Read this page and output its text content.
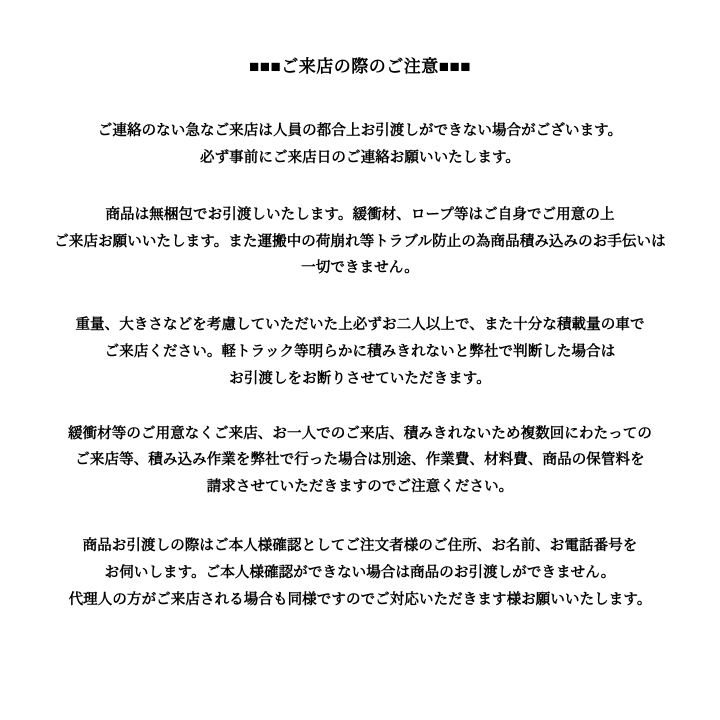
■■■ご来店の際のご注意■■■
ご連絡のない急なご来店は人員の都合上お引渡しができない場合がございます。
必ず事前にご来店日のご連絡お願いいたします。
商品は無梱包でお引渡しいたします。緩衝材、ロープ等はご自身でご用意の上
ご来店お願いいたします。また運搬中の荷崩れ等トラブル防止の為商品積み込みのお手伝いは
一切できません。
重量、大きさなどを考慮していただいた上必ずお二人以上で、また十分な積載量の車で
ご来店ください。軽トラック等明らかに積みきれないと弊社で判断した場合は
お引渡しをお断りさせていただきます。
緩衝材等のご用意なくご来店、お一人でのご来店、積みきれないため複数回にわたっての
ご来店等、積み込み作業を弊社で行った場合は別途、作業費、材料費、商品の保管料を
請求させていただきますのでご注意ください。
商品お引渡しの際はご本人様確認としてご注文者様のご住所、お名前、お電話番号を
お伺いします。ご本人様確認ができない場合は商品のお引渡しができません。
代理人の方がご来店される場合も同様ですのでご対応いただきます様お願いいたします。
